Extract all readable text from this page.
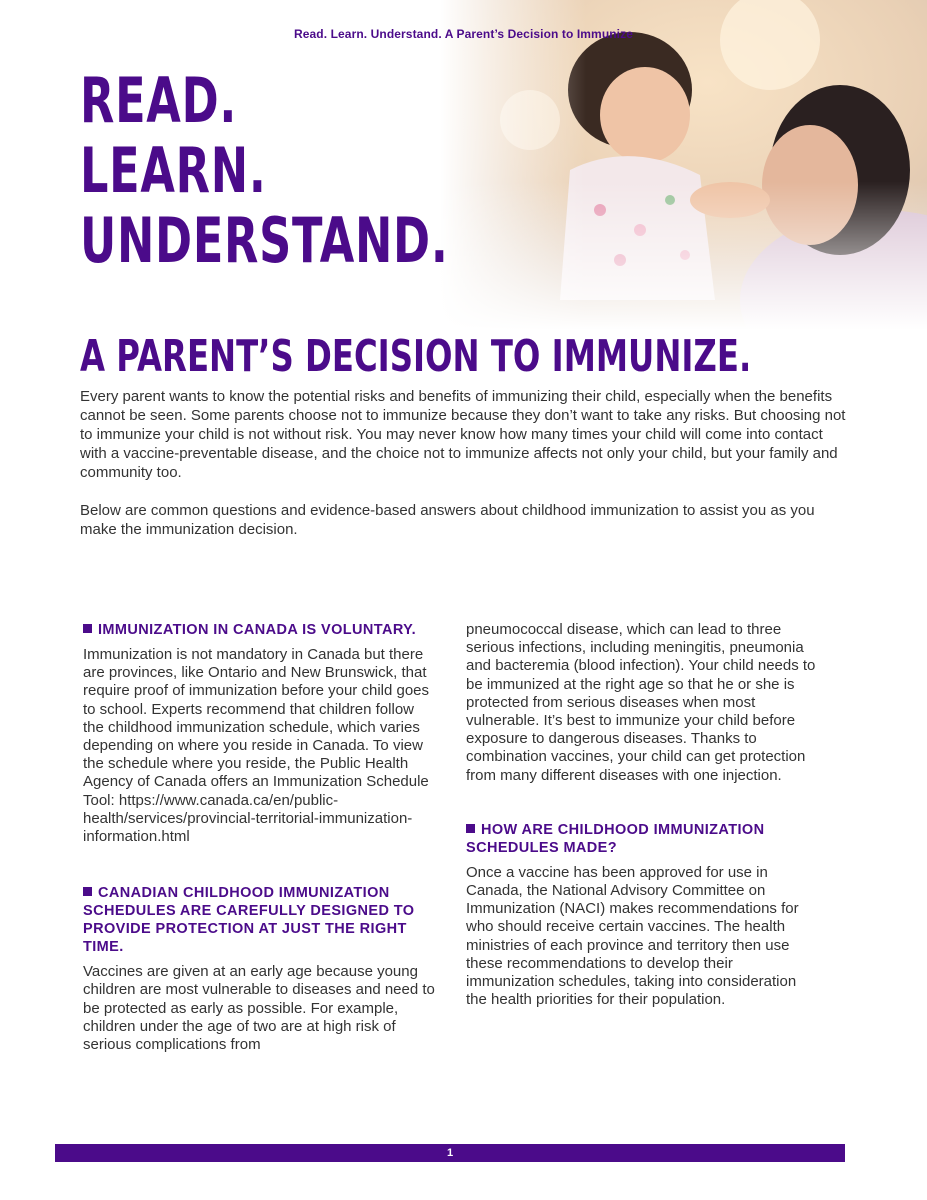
Read. Learn. Understand. A Parent’s Decision to Immunize
READ.
LEARN.
UNDERSTAND.
A PARENT’S DECISION TO IMMUNIZE.

Every parent wants to know the potential risks and benefits of immunizing their child, especially when the benefits cannot be seen. Some parents choose not to immunize because they don’t want to take any risks. But choosing not to immunize your child is not without risk. You may never know how many times your child will come into contact with a vaccine-preventable disease, and the choice not to immunize affects not only your child, but your family and community too.

Below are common questions and evidence-based answers about childhood immunization to assist you as you make the immunization decision.

IMMUNIZATION IN CANADA IS VOLUNTARY.

Immunization is not mandatory in Canada but there are provinces, like Ontario and New Brunswick, that require proof of immunization before your child goes to school. Experts recommend that children follow the childhood immunization schedule, which varies depending on where you reside in Canada. To view the schedule where you reside, the Public Health Agency of Canada offers an Immunization Schedule Tool: https://www.canada.ca/en/public-health/services/provincial-territorial-immunization-information.html

CANADIAN CHILDHOOD IMMUNIZATION SCHEDULES ARE CAREFULLY DESIGNED TO PROVIDE PROTECTION AT JUST THE RIGHT TIME.

Vaccines are given at an early age because young children are most vulnerable to diseases and need to be protected as early as possible. For example, children under the age of two are at high risk of serious complications from

pneumococcal disease, which can lead to three serious infections, including meningitis, pneumonia and bacteremia (blood infection). Your child needs to be immunized at the right age so that he or she is protected from serious diseases when most vulnerable. It’s best to immunize your child before exposure to dangerous diseases. Thanks to combination vaccines, your child can get protection from many different diseases with one injection.

HOW ARE CHILDHOOD IMMUNIZATION SCHEDULES MADE?

Once a vaccine has been approved for use in Canada, the National Advisory Committee on Immunization (NACI) makes recommendations for who should receive certain vaccines. The health ministries of each province and territory then use these recommendations to develop their immunization schedules, taking into consideration the health priorities for their population.

1
